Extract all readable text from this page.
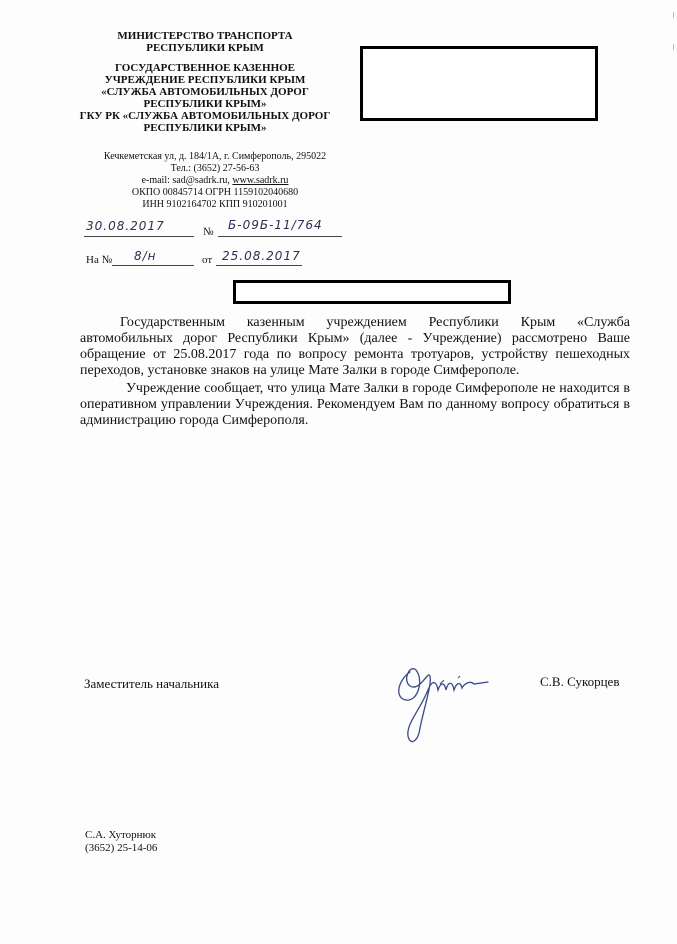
МИНИСТЕРСТВО ТРАНСПОРТА
РЕСПУБЛИКИ КРЫМ
ГОСУДАРСТВЕННОЕ КАЗЕННОЕ
УЧРЕЖДЕНИЕ РЕСПУБЛИКИ КРЫМ
«СЛУЖБА АВТОМОБИЛЬНЫХ ДОРОГ
РЕСПУБЛИКИ КРЫМ»
ГКУ РК «СЛУЖБА АВТОМОБИЛЬНЫХ ДОРОГ
РЕСПУБЛИКИ КРЫМ»
Кечкеметская ул, д. 184/1А, г. Симферополь, 295022
Тел.: (3652) 27-56-63
e-mail: sad@sadrk.ru, www.sadrk.ru
ОКПО 00845714 ОГРН 1159102040680
ИНН 9102164702 КПП 910201001
30.08.2017	№ Б-09Б-11/764
На № 8/н	от 25.08.2017

Государственным казенным учреждением Республики Крым «Служба автомобильных дорог Республики Крым» (далее - Учреждение) рассмотрено Ваше обращение от 25.08.2017 года по вопросу ремонта тротуаров, устройству пешеходных переходов, установке знаков на улице Мате Залки в городе Симферополе.

Учреждение сообщает, что улица Мате Залки в городе Симферополе не находится в оперативном управлении Учреждения. Рекомендуем Вам по данному вопросу обратиться в администрацию города Симферополя.

Заместитель начальника	С.В. Сукорцев
С.А. Хуторнюк
(3652) 25-14-06
